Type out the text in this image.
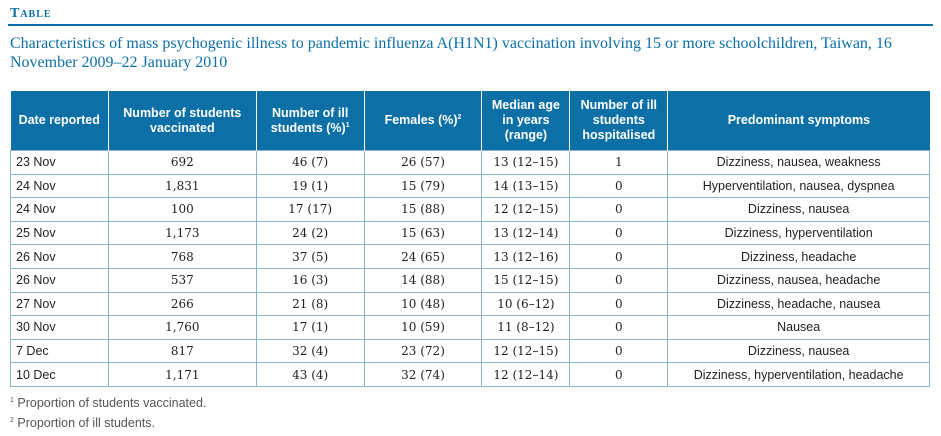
Table
Characteristics of mass psychogenic illness to pandemic influenza A(H1N1) vaccination involving 15 or more schoolchildren, Taiwan, 16 November 2009–22 January 2010
Date reported	Number of students vaccinated	Number of ill students (%)$^1$	Females (%)$^2$	Median age in years (range)	Number of ill students hospitalised	Predominant symptoms
23 Nov	692	46 (7)	26 (57)	13 (12–15)	1	Dizziness, nausea, weakness
24 Nov	1,831	19 (1)	15 (79)	14 (13–15)	0	Hyperventilation, nausea, dyspnea
24 Nov	100	17 (17)	15 (88)	12 (12–15)	0	Dizziness, nausea
25 Nov	1,173	24 (2)	15 (63)	13 (12–14)	0	Dizziness, hyperventilation
26 Nov	768	37 (5)	24 (65)	13 (12–16)	0	Dizziness, headache
26 Nov	537	16 (3)	14 (88)	15 (12–15)	0	Dizziness, nausea, headache
27 Nov	266	21 (8)	10 (48)	10 (6–12)	0	Dizziness, headache, nausea
30 Nov	1,760	17 (1)	10 (59)	11 (8–12)	0	Nausea
7 Dec	817	32 (4)	23 (72)	12 (12–15)	0	Dizziness, nausea
10 Dec	1,171	43 (4)	32 (74)	12 (12–14)	0	Dizziness, hyperventilation, headache
$^1$ Proportion of students vaccinated.
$^2$ Proportion of ill students.
